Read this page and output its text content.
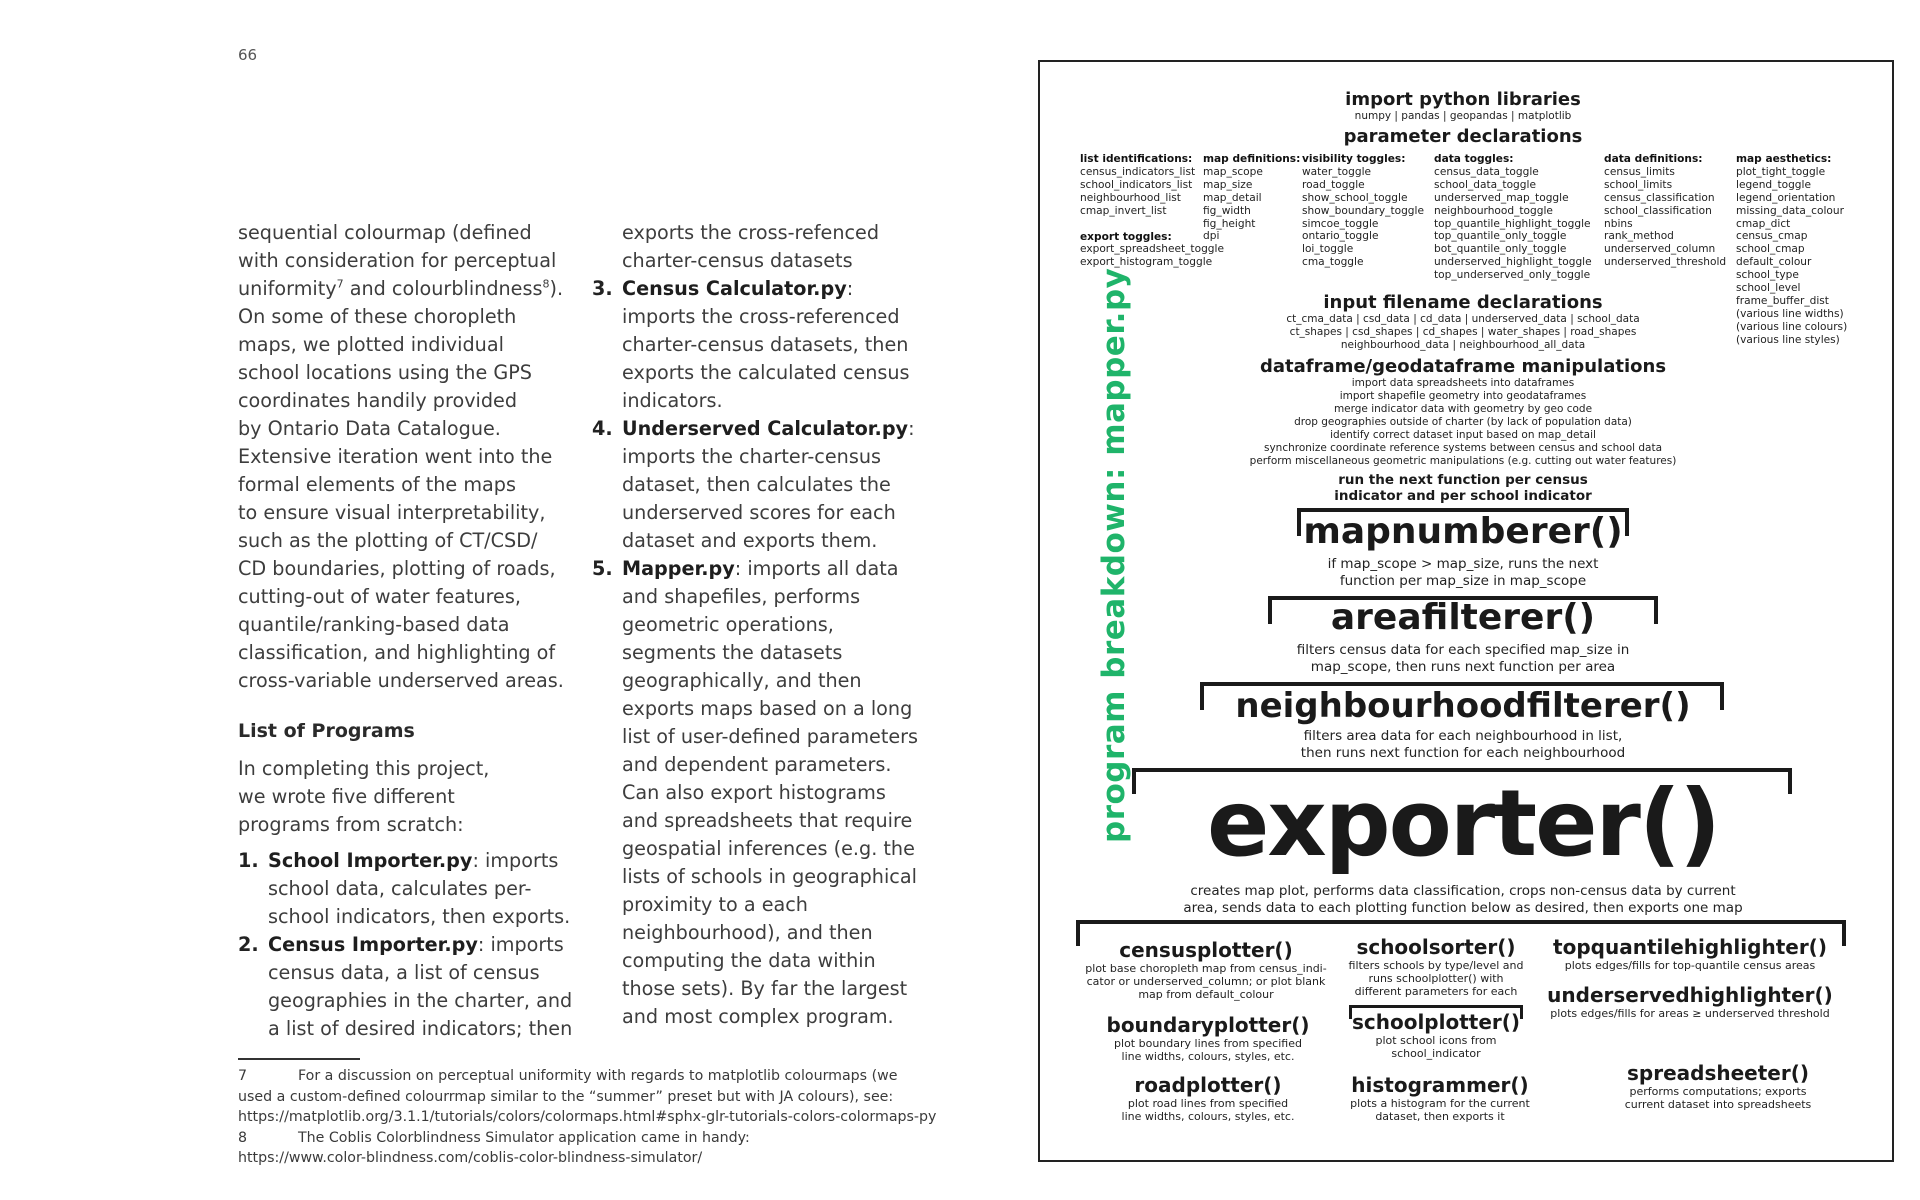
66
sequential colourmap (defined
with consideration for perceptual
uniformity$^7$ and colourblindness$^8$).
On some of these choropleth
maps, we plotted individual
school locations using the GPS
coordinates handily provided
by Ontario Data Catalogue.
Extensive iteration went into the
formal elements of the maps
to ensure visual interpretability,
such as the plotting of CT/CSD/
CD boundaries, plotting of roads,
cutting-out of water features,
quantile/ranking-based data
classification, and highlighting of
cross-variable underserved areas.
List of Programs
In completing this project,
we wrote five different
programs from scratch:
1. School Importer.py: imports
school data, calculates per-
school indicators, then exports.
2. Census Importer.py: imports
census data, a list of census
geographies in the charter, and
a list of desired indicators; then
exports the cross-refenced
charter-census datasets
3. Census Calculator.py:
imports the cross-referenced
charter-census datasets, then
exports the calculated census
indicators.
4. Underserved Calculator.py:
imports the charter-census
dataset, then calculates the
underserved scores for each
dataset and exports them.
5. Mapper.py: imports all data
and shapefiles, performs
geometric operations,
segments the datasets
geographically, and then
exports maps based on a long
list of user-defined parameters
and dependent parameters.
Can also export histograms
and spreadsheets that require
geospatial inferences (e.g. the
lists of schools in geographical
proximity to a each
neighbourhood), and then
computing the data within
those sets). By far the largest
and most complex program.
7	For a discussion on perceptual uniformity with regards to matplotlib colourmaps (we
used a custom-defined colourrmap similar to the “summer” preset but with JA colours), see:
https://matplotlib.org/3.1.1/tutorials/colors/colormaps.html#sphx-glr-tutorials-colors-colormaps-py
8	The Coblis Colorblindness Simulator application came in handy:
https://www.color-blindness.com/coblis-color-blindness-simulator/
program breakdown: mapper.py
import python libraries
numpy | pandas | geopandas | matplotlib
parameter declarations
list identifications:
census_indicators_list
school_indicators_list
neighbourhood_list
cmap_invert_list
export toggles:
export_spreadsheet_toggle
export_histogram_toggle
map definitions:
map_scope
map_size
map_detail
fig_width
fig_height
dpi
visibility toggles:
water_toggle
road_toggle
show_school_toggle
show_boundary_toggle
simcoe_toggle
ontario_toggle
loi_toggle
cma_toggle
data toggles:
census_data_toggle
school_data_toggle
underserved_map_toggle
neighbourhood_toggle
top_quantile_highlight_toggle
top_quantile_only_toggle
bot_quantile_only_toggle
underserved_highlight_toggle
top_underserved_only_toggle
data definitions:
census_limits
school_limits
census_classification
school_classification
nbins
rank_method
underserved_column
underserved_threshold
map aesthetics:
plot_tight_toggle
legend_toggle
legend_orientation
missing_data_colour
cmap_dict
census_cmap
school_cmap
default_colour
school_type
school_level
frame_buffer_dist
(various line widths)
(various line colours)
(various line styles)
input filename declarations
ct_cma_data | csd_data | cd_data | underserved_data | school_data
ct_shapes | csd_shapes | cd_shapes | water_shapes | road_shapes
neighbourhood_data | neighbourhood_all_data
dataframe/geodataframe manipulations
import data spreadsheets into dataframes
import shapefile geometry into geodataframes
merge indicator data with geometry by geo code
drop geographies outside of charter (by lack of population data)
identify correct dataset input based on map_detail
synchronize coordinate reference systems between census and school data
perform miscellaneous geometric manipulations (e.g. cutting out water features)
run the next function per census
indicator and per school indicator
mapnumberer()
if map_scope > map_size, runs the next
function per map_size in map_scope
areafilterer()
filters census data for each specified map_size in
map_scope, then runs next function per area
neighbourhoodfilterer()
filters area data for each neighbourhood in list,
then runs next function for each neighbourhood
exporter()
creates map plot, performs data classification, crops non-census data by current
area, sends data to each plotting function below as desired, then exports one map
censusplotter()
plot base choropleth map from census_indi-
cator or underserved_column; or plot blank
map from default_colour
schoolsorter()
filters schools by type/level and
runs schoolplotter() with
different parameters for each
topquantilehighlighter()
plots edges/fills for top-quantile census areas
underservedhighlighter()
plots edges/fills for areas ≥ underserved threshold
boundaryplotter()
plot boundary lines from specified
line widths, colours, styles, etc.
schoolplotter()
plot school icons from
school_indicator
roadplotter()
plot road lines from specified
line widths, colours, styles, etc.
histogrammer()
plots a histogram for the current
dataset, then exports it
spreadsheeter()
performs computations; exports
current dataset into spreadsheets
